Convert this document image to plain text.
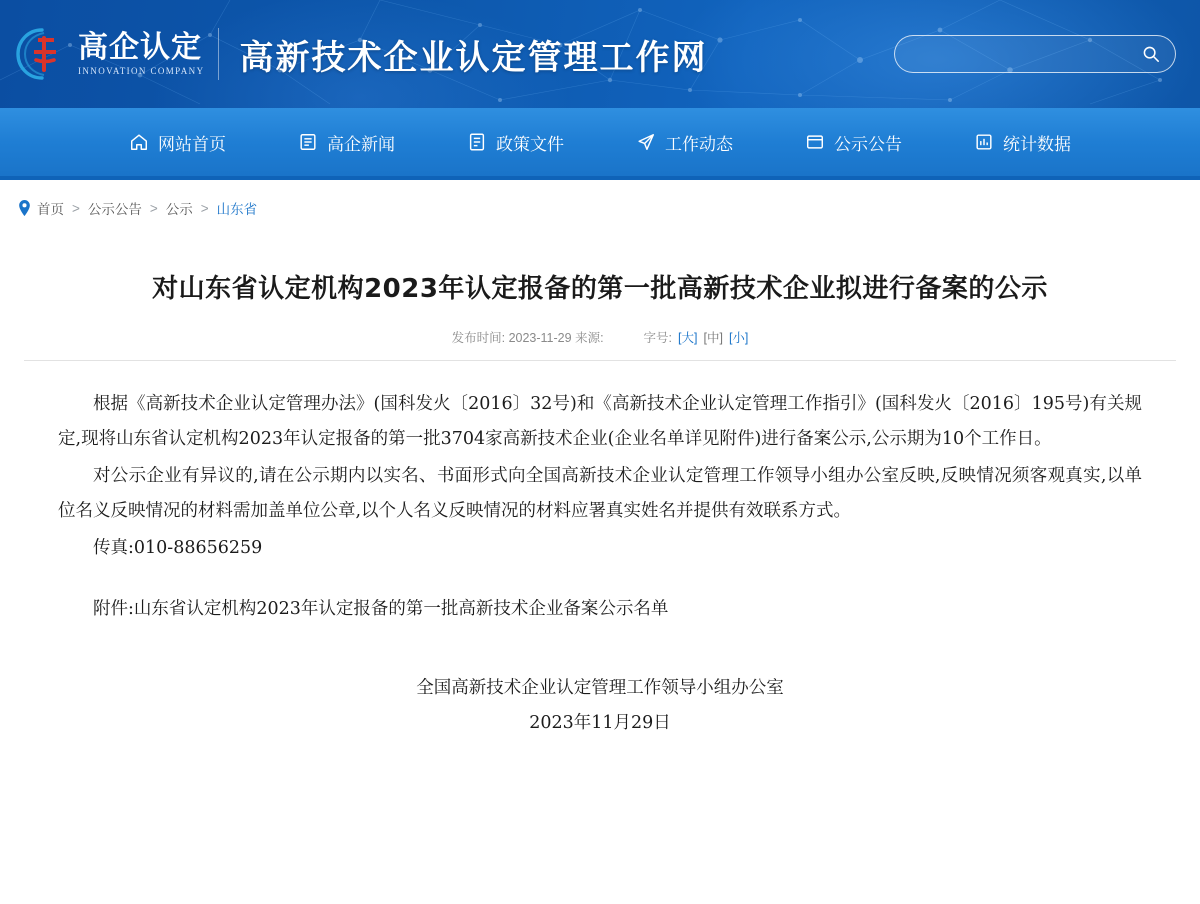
高企认定
INNOVATION COMPANY 高新技术企业认定管理工作网
网站首页	高企新闻	政策文件	工作动态	公示公告	统计数据
首页 > 公示公告 > 公示 > 山东省
对山东省认定机构2023年认定报备的第一批高新技术企业拟进行备案的公示
发布时间: 2023-11-29 来源:	字号: [大] [中] [小]

根据《高新技术企业认定管理办法》(国科发火〔2016〕32号)和《高新技术企业认定管理工作指引》(国科发火〔2016〕195号)有关规定,现将山东省认定机构2023年认定报备的第一批3704家高新技术企业(企业名单详见附件)进行备案公示,公示期为10个工作日。

对公示企业有异议的,请在公示期内以实名、书面形式向全国高新技术企业认定管理工作领导小组办公室反映,反映情况须客观真实,以单位名义反映情况的材料需加盖单位公章,以个人名义反映情况的材料应署真实姓名并提供有效联系方式。

传真:010-88656259

附件:山东省认定机构2023年认定报备的第一批高新技术企业备案公示名单

全国高新技术企业认定管理工作领导小组办公室
2023年11月29日
